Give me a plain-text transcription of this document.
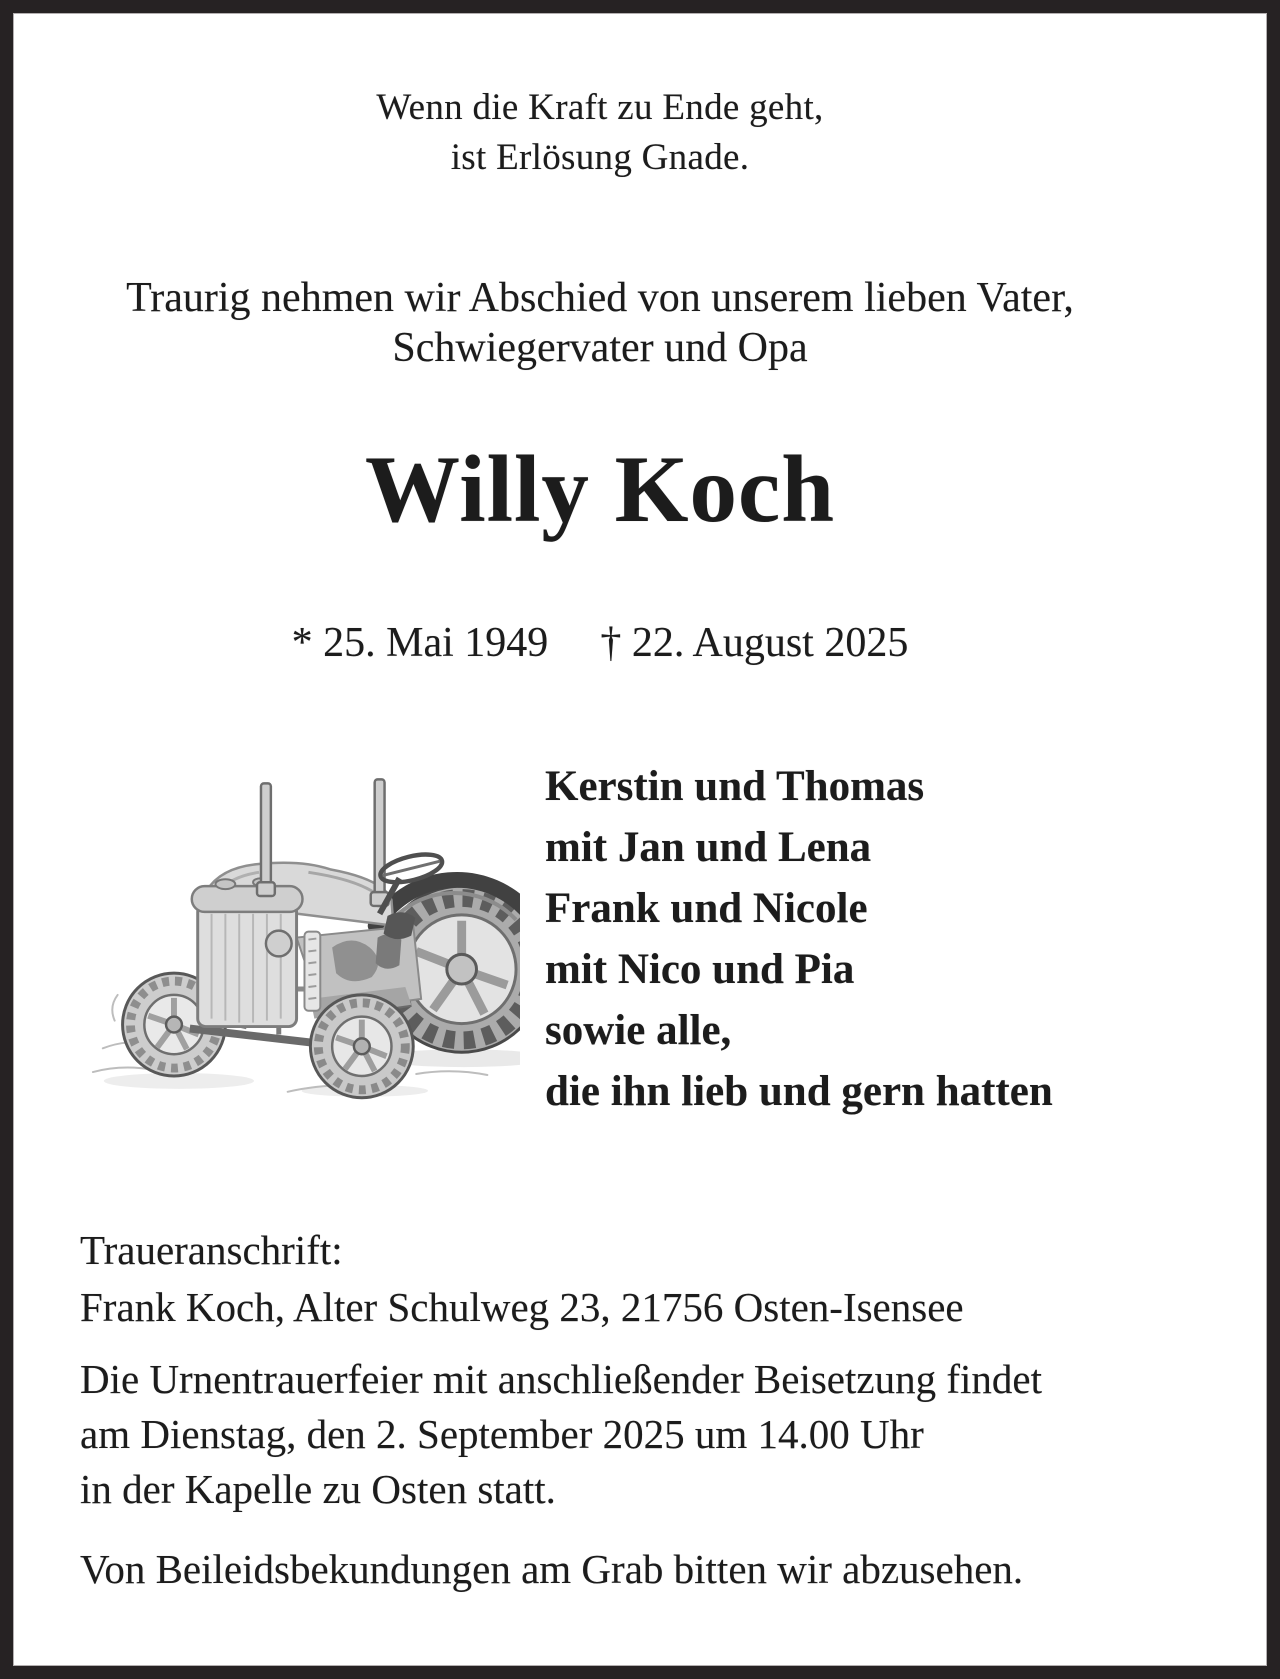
Wenn die Kraft zu Ende geht,
ist Erlösung Gnade.
Traurig nehmen wir Abschied von unserem lieben Vater,
Schwiegervater und Opa
Willy Koch
* 25. Mai 1949 † 22. August 2025
Kerstin und Thomas
mit Jan und Lena
Frank und Nicole
mit Nico und Pia
sowie alle,
die ihn lieb und gern hatten
Traueranschrift:
Frank Koch, Alter Schulweg 23, 21756 Osten-Isensee
Die Urnentrauerfeier mit anschließender Beisetzung findet
am Dienstag, den 2. September 2025 um 14.00 Uhr
in der Kapelle zu Osten statt.
Von Beileidsbekundungen am Grab bitten wir abzusehen.
